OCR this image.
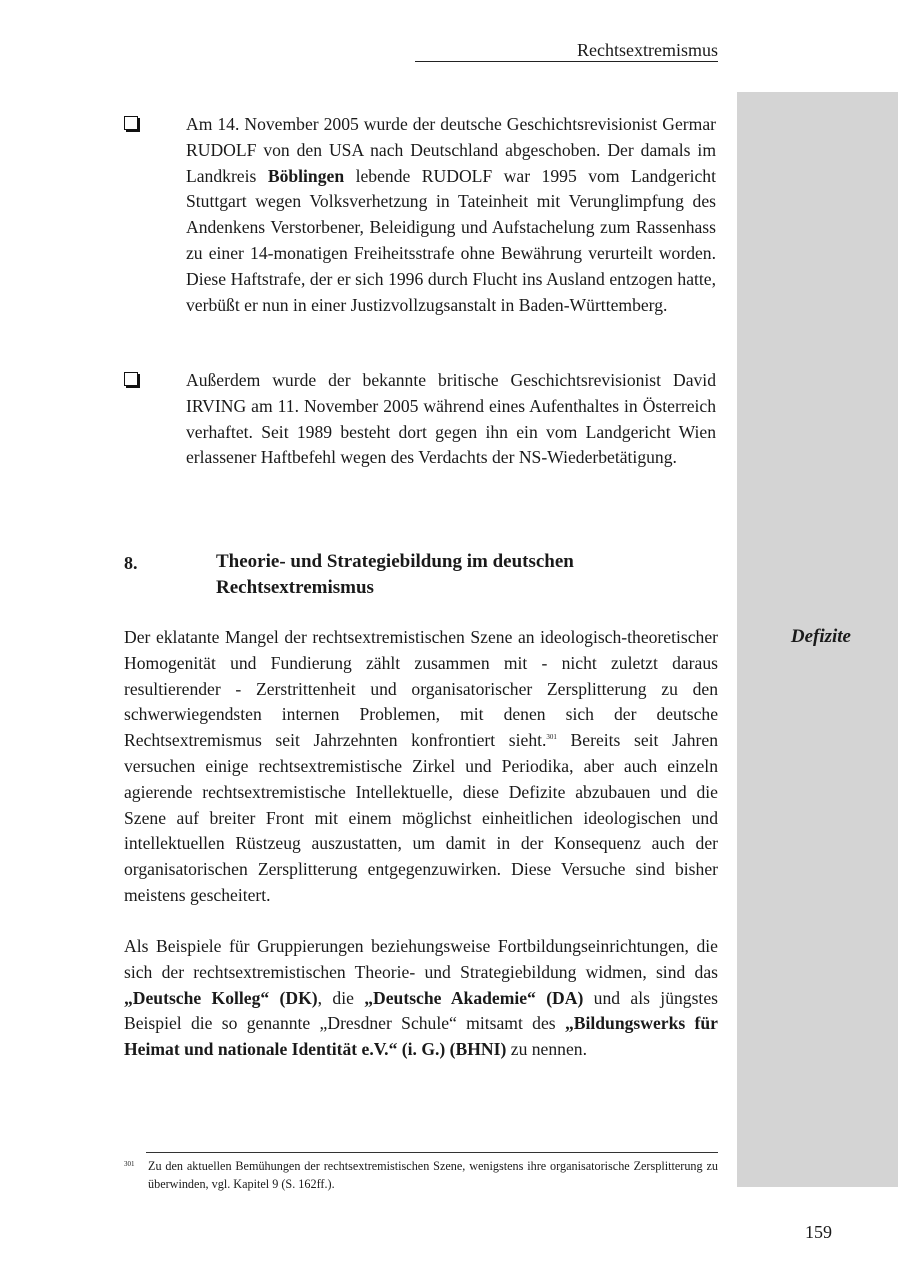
Rechtsextremismus
Defizite
Am 14. November 2005 wurde der deutsche Geschichtsrevisionist Germar RUDOLF von den USA nach Deutschland abgeschoben. Der damals im Landkreis Böblingen lebende RUDOLF war 1995 vom Landgericht Stuttgart wegen Volksverhetzung in Tateinheit mit Verunglimpfung des Andenkens Verstorbener, Beleidigung und Aufstachelung zum Rassenhass zu einer 14-monatigen Freiheitsstrafe ohne Bewährung verurteilt worden. Diese Haftstrafe, der er sich 1996 durch Flucht ins Ausland entzogen hatte, verbüßt er nun in einer Justizvollzugsanstalt in Baden-Württemberg.
Außerdem wurde der bekannte britische Geschichtsrevisionist David IRVING am 11. November 2005 während eines Aufenthaltes in Österreich verhaftet. Seit 1989 besteht dort gegen ihn ein vom Landgericht Wien erlassener Haftbefehl wegen des Verdachts der NS-Wiederbetätigung.
8.	Theorie- und Strategiebildung im deutschen Rechtsextremismus
Der eklatante Mangel der rechtsextremistischen Szene an ideologisch-theoretischer Homogenität und Fundierung zählt zusammen mit - nicht zuletzt daraus resultierender - Zerstrittenheit und organisatorischer Zersplitterung zu den schwerwiegendsten internen Problemen, mit denen sich der deutsche Rechtsextremismus seit Jahrzehnten konfrontiert sieht.$^{301}$ Bereits seit Jahren versuchen einige rechtsextremistische Zirkel und Periodika, aber auch einzeln agierende rechtsextremistische Intellektuelle, diese Defizite abzubauen und die Szene auf breiter Front mit einem möglichst einheitlichen ideologischen und intellektuellen Rüstzeug auszustatten, um damit in der Konsequenz auch der organisatorischen Zersplitterung entgegenzuwirken. Diese Versuche sind bisher meistens gescheitert.
Als Beispiele für Gruppierungen beziehungsweise Fortbildungseinrichtungen, die sich der rechtsextremistischen Theorie- und Strategiebildung widmen, sind das „Deutsche Kolleg“ (DK), die „Deutsche Akademie“ (DA) und als jüngstes Beispiel die so genannte „Dresdner Schule“ mitsamt des „Bildungswerks für Heimat und nationale Identität e.V.“ (i. G.) (BHNI) zu nennen.
301 Zu den aktuellen Bemühungen der rechtsextremistischen Szene, wenigstens ihre organisatorische Zersplitterung zu überwinden, vgl. Kapitel 9 (S. 162ff.).
159
